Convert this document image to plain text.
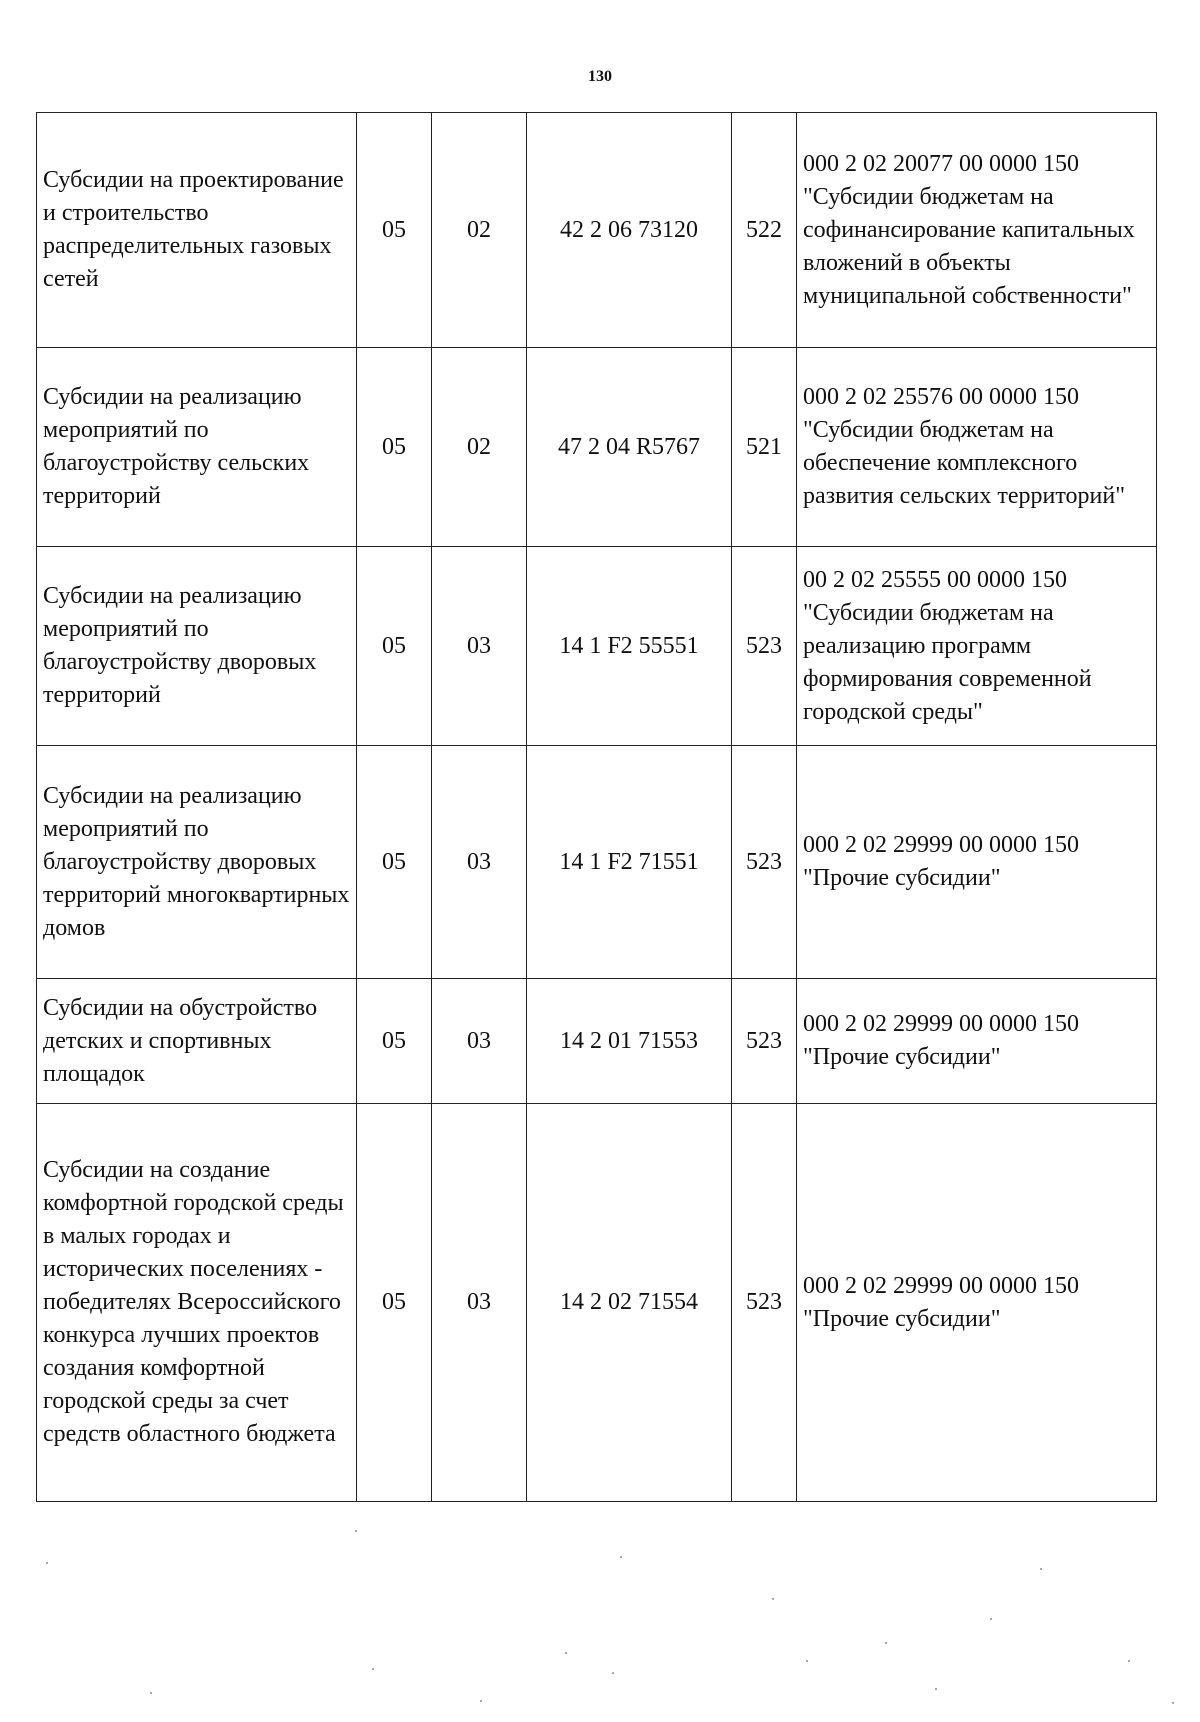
130
Субсидии на проектирование и строительство распределительных газовых сетей	05	02	42 2 06 73120	522	000 2 02 20077 00 0000 150 "Субсидии бюджетам на софинансирование капитальных вложений в объекты муниципальной собственности"
Субсидии на реализацию мероприятий по благоустройству сельских территорий	05	02	47 2 04 R5767	521	000 2 02 25576 00 0000 150 "Субсидии бюджетам на обеспечение комплексного развития сельских территорий"
Субсидии на реализацию мероприятий по благоустройству дворовых территорий	05	03	14 1 F2 55551	523	00 2 02 25555 00 0000 150 "Субсидии бюджетам на реализацию программ формирования современной городской среды"
Субсидии на реализацию мероприятий по благоустройству дворовых территорий многоквартирных домов	05	03	14 1 F2 71551	523	000 2 02 29999 00 0000 150 "Прочие субсидии"
Субсидии на обустройство детских и спортивных площадок	05	03	14 2 01 71553	523	000 2 02 29999 00 0000 150 "Прочие субсидии"
Субсидии на создание комфортной городской среды в малых городах и исторических поселениях - победителях Всероссийского конкурса лучших проектов создания комфортной городской среды за счет средств областного бюджета	05	03	14 2 02 71554	523	000 2 02 29999 00 0000 150 "Прочие субсидии"
